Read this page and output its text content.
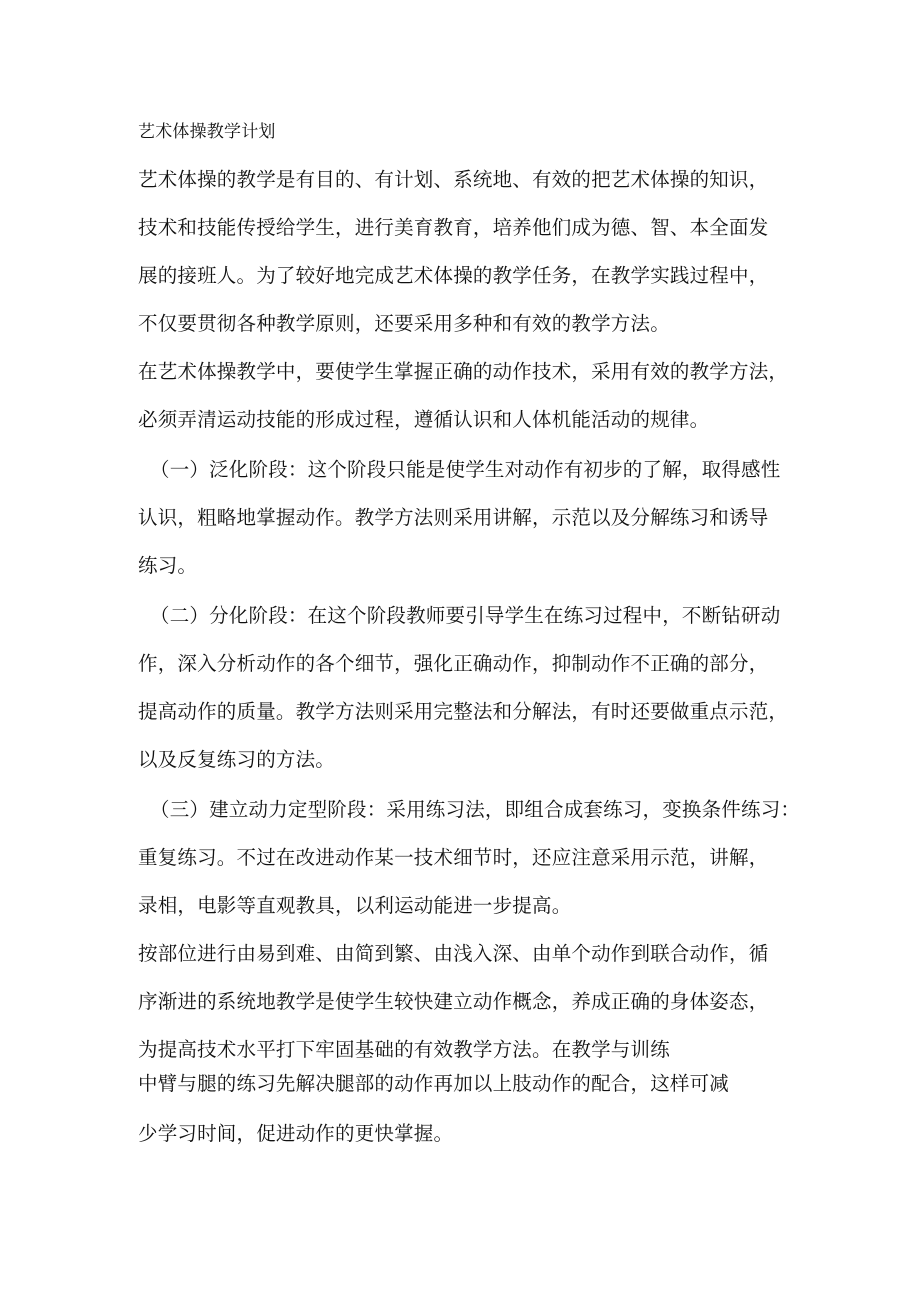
艺术体操教学计划
艺术体操的教学是有目的、有计划、系统地、有效的把艺术体操的知识，
技术和技能传授给学生，进行美育教育，培养他们成为德、智、本全面发
展的接班人。为了较好地完成艺术体操的教学任务，在教学实践过程中，
不仅要贯彻各种教学原则，还要采用多种和有效的教学方法。
在艺术体操教学中，要使学生掌握正确的动作技术，采用有效的教学方法，
必须弄清运动技能的形成过程，遵循认识和人体机能活动的规律。
（一）泛化阶段：这个阶段只能是使学生对动作有初步的了解，取得感性
认识，粗略地掌握动作。教学方法则采用讲解，示范以及分解练习和诱导
练习。
（二）分化阶段：在这个阶段教师要引导学生在练习过程中，不断钻研动
作，深入分析动作的各个细节，强化正确动作，抑制动作不正确的部分，
提高动作的质量。教学方法则采用完整法和分解法，有时还要做重点示范，
以及反复练习的方法。
（三）建立动力定型阶段：采用练习法，即组合成套练习，变换条件练习：
重复练习。不过在改进动作某一技术细节时，还应注意采用示范，讲解，
录相，电影等直观教具，以利运动能进一步提高。
按部位进行由易到难、由简到繁、由浅入深、由单个动作到联合动作，循
序渐进的系统地教学是使学生较快建立动作概念，养成正确的身体姿态，
为提高技术水平打下牢固基础的有效教学方法。在教学与训练
中臂与腿的练习先解决腿部的动作再加以上肢动作的配合，这样可减
少学习时间，促进动作的更快掌握。
